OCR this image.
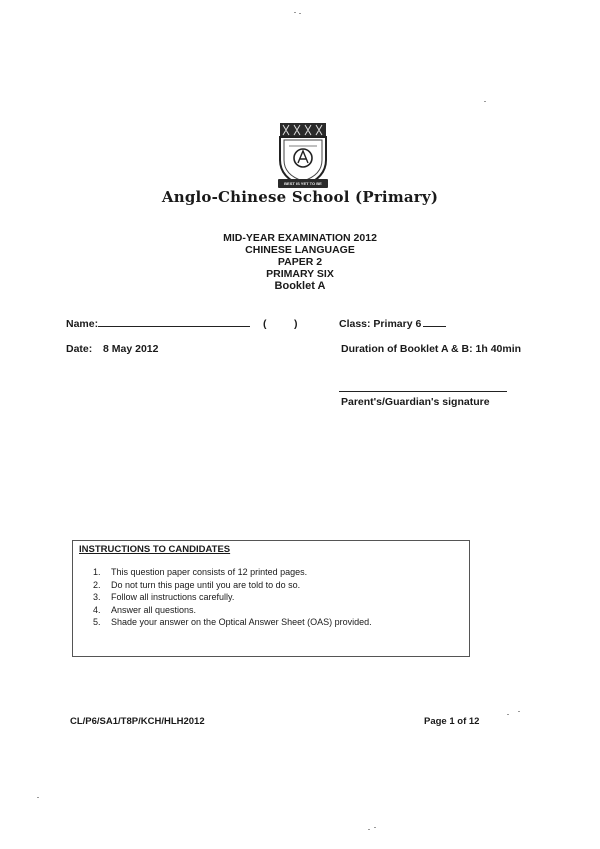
BEST IS YET TO BE
Anglo-Chinese School (Primary)
MID-YEAR EXAMINATION 2012
CHINESE LANGUAGE
PAPER 2
PRIMARY SIX
Booklet A
Name:	(	)	Class: Primary 6
Date: 8 May 2012	Duration of Booklet A & B: 1h 40min
Parent's/Guardian's signature
INSTRUCTIONS TO CANDIDATES
1. This question paper consists of 12 printed pages.
2. Do not turn this page until you are told to do so.
3. Follow all instructions carefully.
4. Answer all questions.
5. Shade your answer on the Optical Answer Sheet (OAS) provided.
CL/P6/SA1/T8P/KCH/HLH2012	Page 1 of 12
